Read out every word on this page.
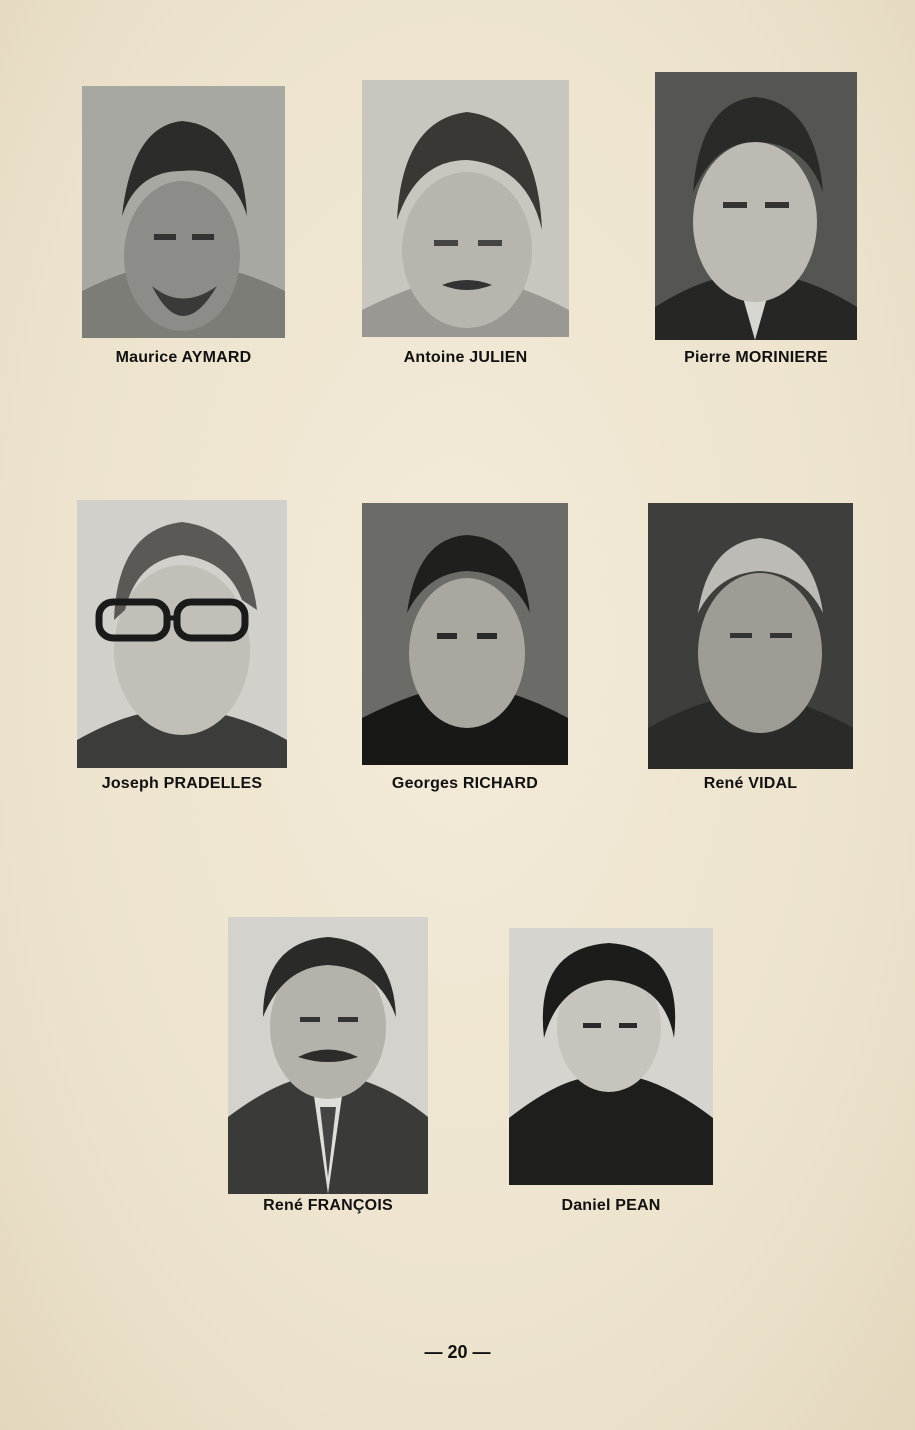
Maurice AYMARD	Antoine JULIEN	Pierre MORINIERE
Joseph PRADELLES	Georges RICHARD	René VIDAL
René FRANÇOIS	Daniel PEAN
— 20 —
